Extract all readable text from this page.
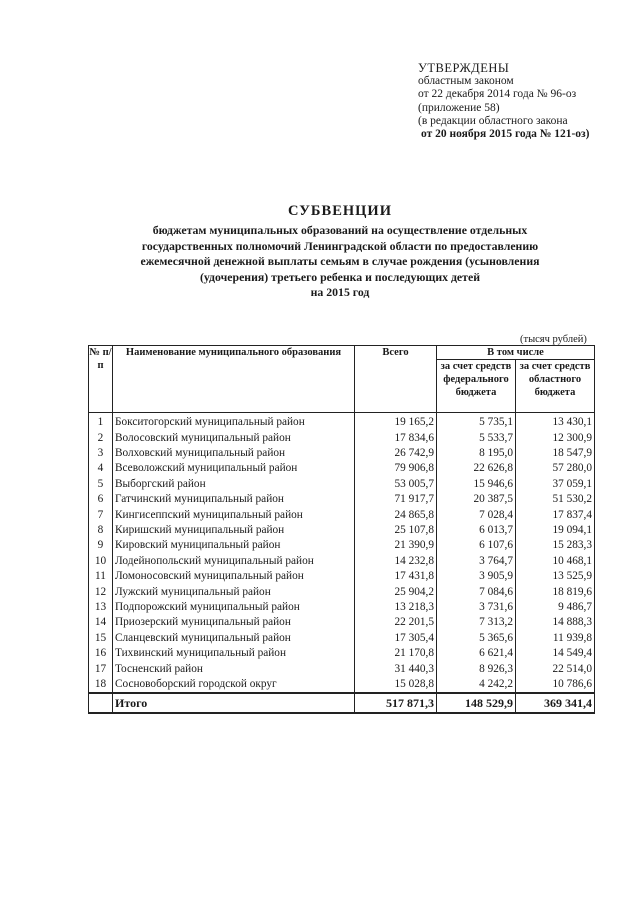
УТВЕРЖДЕНЫ
областным законом
от 22 декабря 2014 года № 96-оз
(приложение 58)
(в редакции областного закона
от 20 ноября 2015 года № 121-оз)
СУБВЕНЦИИ
бюджетам муниципальных образований на осуществление отдельных
государственных полномочий Ленинградской области по предоставлению
ежемесячной денежной выплаты семьям в случае рождения (усыновления
(удочерения) третьего ребенка и последующих детей
на 2015 год
(тысяч рублей)
№ п/п	Наименование муниципального образования	Всего	В том числе	
			за счет средств федерального бюджета	за счет средств областного бюджета
1	Бокситогорский муниципальный район	19 165,2	5 735,1	13 430,1
2	Волосовский муниципальный район	17 834,6	5 533,7	12 300,9
3	Волховский муниципальный район	26 742,9	8 195,0	18 547,9
4	Всеволожский муниципальный район	79 906,8	22 626,8	57 280,0
5	Выборгский район	53 005,7	15 946,6	37 059,1
6	Гатчинский муниципальный район	71 917,7	20 387,5	51 530,2
7	Кингисеппский муниципальный район	24 865,8	7 028,4	17 837,4
8	Киришский муниципальный район	25 107,8	6 013,7	19 094,1
9	Кировский муниципальный район	21 390,9	6 107,6	15 283,3
10	Лодейнопольский муниципальный район	14 232,8	3 764,7	10 468,1
11	Ломоносовский муниципальный район	17 431,8	3 905,9	13 525,9
12	Лужский муниципальный район	25 904,2	7 084,6	18 819,6
13	Подпорожский муниципальный район	13 218,3	3 731,6	9 486,7
14	Приозерский муниципальный район	22 201,5	7 313,2	14 888,3
15	Сланцевский муниципальный район	17 305,4	5 365,6	11 939,8
16	Тихвинский муниципальный район	21 170,8	6 621,4	14 549,4
17	Тосненский район	31 440,3	8 926,3	22 514,0
18	Сосновоборский городской округ	15 028,8	4 242,2	10 786,6
	Итого	517 871,3	148 529,9	369 341,4
